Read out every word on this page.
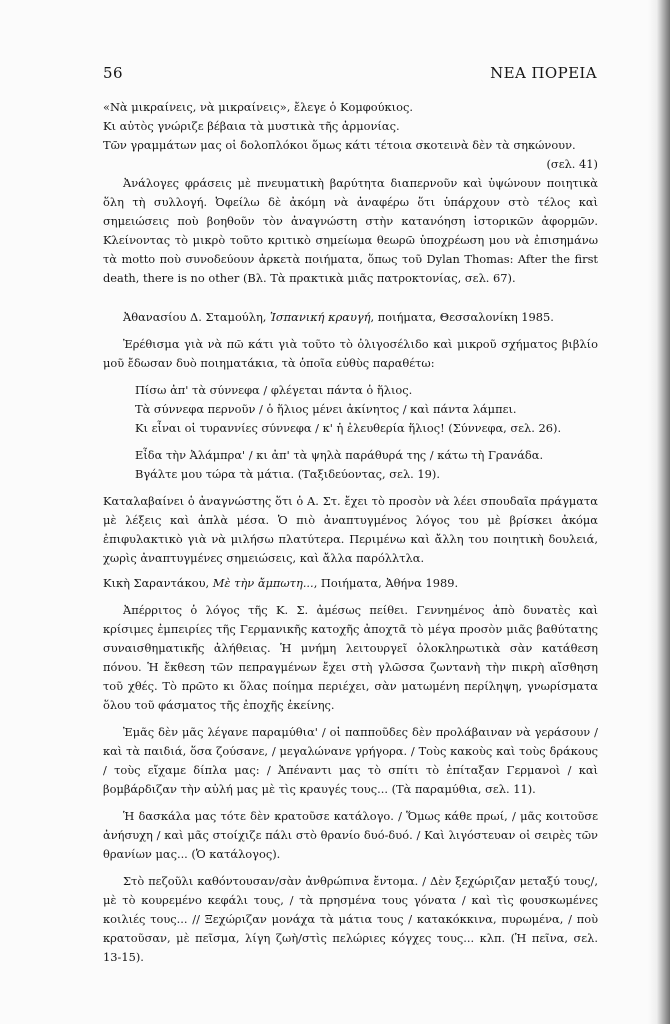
56	ΝΕΑ ΠΟΡΕΙΑ

«Νὰ μικραίνεις, νὰ μικραίνεις», ἔλεγε ὁ Κομφούκιος.

Κι αὐτὸς γνώριζε βέβαια τὰ μυστικὰ τῆς ἁρμονίας.

Τῶν γραμμάτων μας οἱ δολοπλόκοι ὅμως κάτι τέτοια σκοτεινὰ δὲν τὰ σηκώνουν.

(σελ. 41)

Ἀνάλογες φράσεις μὲ πνευματικὴ βαρύτητα διαπερνοῦν καὶ ὑψώνουν ποιητικὰ ὅλη τὴ συλλογή. Ὀφείλω δὲ ἀκόμη νὰ ἀναφέρω ὅτι ὑπάρχουν στὸ τέλος καὶ σημειώσεις ποὺ βοηθοῦν τὸν ἀναγνώστη στὴν κατανόηση ἱστορικῶν ἀφορμῶν. Κλείνοντας τὸ μικρὸ τοῦτο κριτικὸ σημείωμα θεωρῶ ὑποχρέωση μου νὰ ἐπισημάνω τὰ motto ποὺ συνοδεύουν ἀρκετὰ ποιήματα, ὅπως τοῦ Dylan Thomas: After the first death, there is no other (Βλ. Τὰ πρακτικὰ μιᾶς πατροκτονίας, σελ. 67).

Ἀθανασίου Δ. Σταμούλη, Ἱσπανική κραυγή, ποιήματα, Θεσσαλονίκη 1985.

Ἐρέθισμα γιὰ νὰ πῶ κάτι γιὰ τοῦτο τὸ ὀλιγοσέλιδο καὶ μικροῦ σχήματος βιβλίο μοῦ ἔδωσαν δυὸ ποιηματάκια, τὰ ὁποῖα εὐθὺς παραθέτω:

Πίσω ἀπ' τὰ σύννεφα / φλέγεται πάντα ὁ ἥλιος.

Τὰ σύννεφα περνοῦν / ὁ ἥλιος μένει ἀκίνητος / καὶ πάντα λάμπει.

Κι εἶναι οἱ τυραννίες σύννεφα / κ' ἡ ἐλευθερία ἥλιος! (Σύννεφα, σελ. 26).

Εἶδα τὴν Ἀλάμπρα' / κι ἀπ' τὰ ψηλὰ παράθυρά της / κάτω τὴ Γρανάδα.

Βγάλτε μου τώρα τὰ μάτια. (Ταξιδεύοντας, σελ. 19).

Καταλαβαίνει ὁ ἀναγνώστης ὅτι ὁ Α. Στ. ἔχει τὸ προσὸν νὰ λέει σπουδαῖα πράγματα μὲ λέξεις καὶ ἁπλὰ μέσα. Ὁ πιὸ ἀναπτυγμένος λόγος του μὲ βρίσκει ἀκόμα ἐπιφυλακτικὸ γιὰ νὰ μιλήσω πλατύτερα. Περιμένω καὶ ἄλλη του ποιητικὴ δουλειά, χωρὶς ἀναπτυγμένες σημειώσεις, καὶ ἄλλα παρόλλτλα.

Κικὴ Σαραντάκου, Μὲ τὴν ἄμπωτη..., Ποιήματα, Ἀθήνα 1989.

Ἀπέρριτος ὁ λόγος τῆς Κ. Σ. ἀμέσως πείθει. Γεννημένος ἀπὸ δυνατὲς καὶ κρίσιμες ἐμπειρίες τῆς Γερμανικῆς κατοχῆς ἀποχτᾶ τὸ μέγα προσὸν μιᾶς βαθύτατης συναισθηματικῆς ἀλήθειας. Ἡ μνήμη λειτουργεῖ ὁλοκληρωτικὰ σὰν κατάθεση πόνου. Ἡ ἔκθεση τῶν πεπραγμένων ἔχει στὴ γλῶσσα ζωντανὴ τὴν πικρὴ αἴσθηση τοῦ χθές. Τὸ πρῶτο κι ὅλας ποίημα περιέχει, σὰν ματωμένη περίληψη, γνωρίσματα ὅλου τοῦ φάσματος τῆς ἐποχῆς ἐκείνης.

Ἐμᾶς δὲν μᾶς λέγανε παραμύθια' / οἱ παπποῦδες δὲν προλάβαιναν νὰ γεράσουν / καὶ τὰ παιδιά, ὅσα ζούσανε, / μεγαλώνανε γρήγορα. / Τοὺς κακοὺς καὶ τοὺς δράκους / τοὺς εἴχαμε δίπλα μας: / Ἀπέναντι μας τὸ σπίτι τὸ ἐπίταξαν Γερμανοὶ / καὶ βομβάρδιζαν τὴν αὐλή μας μὲ τὶς κραυγές τους... (Τὰ παραμύθια, σελ. 11).

Ἡ δασκάλα μας τότε δὲν κρατοῦσε κατάλογο. / Ὅμως κάθε πρωί, / μᾶς κοιτοῦσε ἀνήσυχη / καὶ μᾶς στοίχιζε πάλι στὸ θρανίο δυό-δυό. / Καὶ λιγόστευαν οἱ σειρὲς τῶν θρανίων μας... (Ὁ κατάλογος).

Στὸ πεζοῦλι καθόντουσαν/σὰν ἀνθρώπινα ἔντομα. / Δὲν ξεχώριζαν μεταξύ τους/, μὲ τὸ κουρεμένο κεφάλι τους, / τὰ πρησμένα τους γόνατα / καὶ τὶς φουσκωμένες κοιλιές τους... // Ξεχώριζαν μονάχα τὰ μάτια τους / κατακόκκινα, πυρωμένα, / ποὺ κρατοῦσαν, μὲ πεῖσμα, λίγη ζωὴ/στὶς πελώριες κόγχες τους... κλπ. (Ἡ πεῖνα, σελ. 13-15).
